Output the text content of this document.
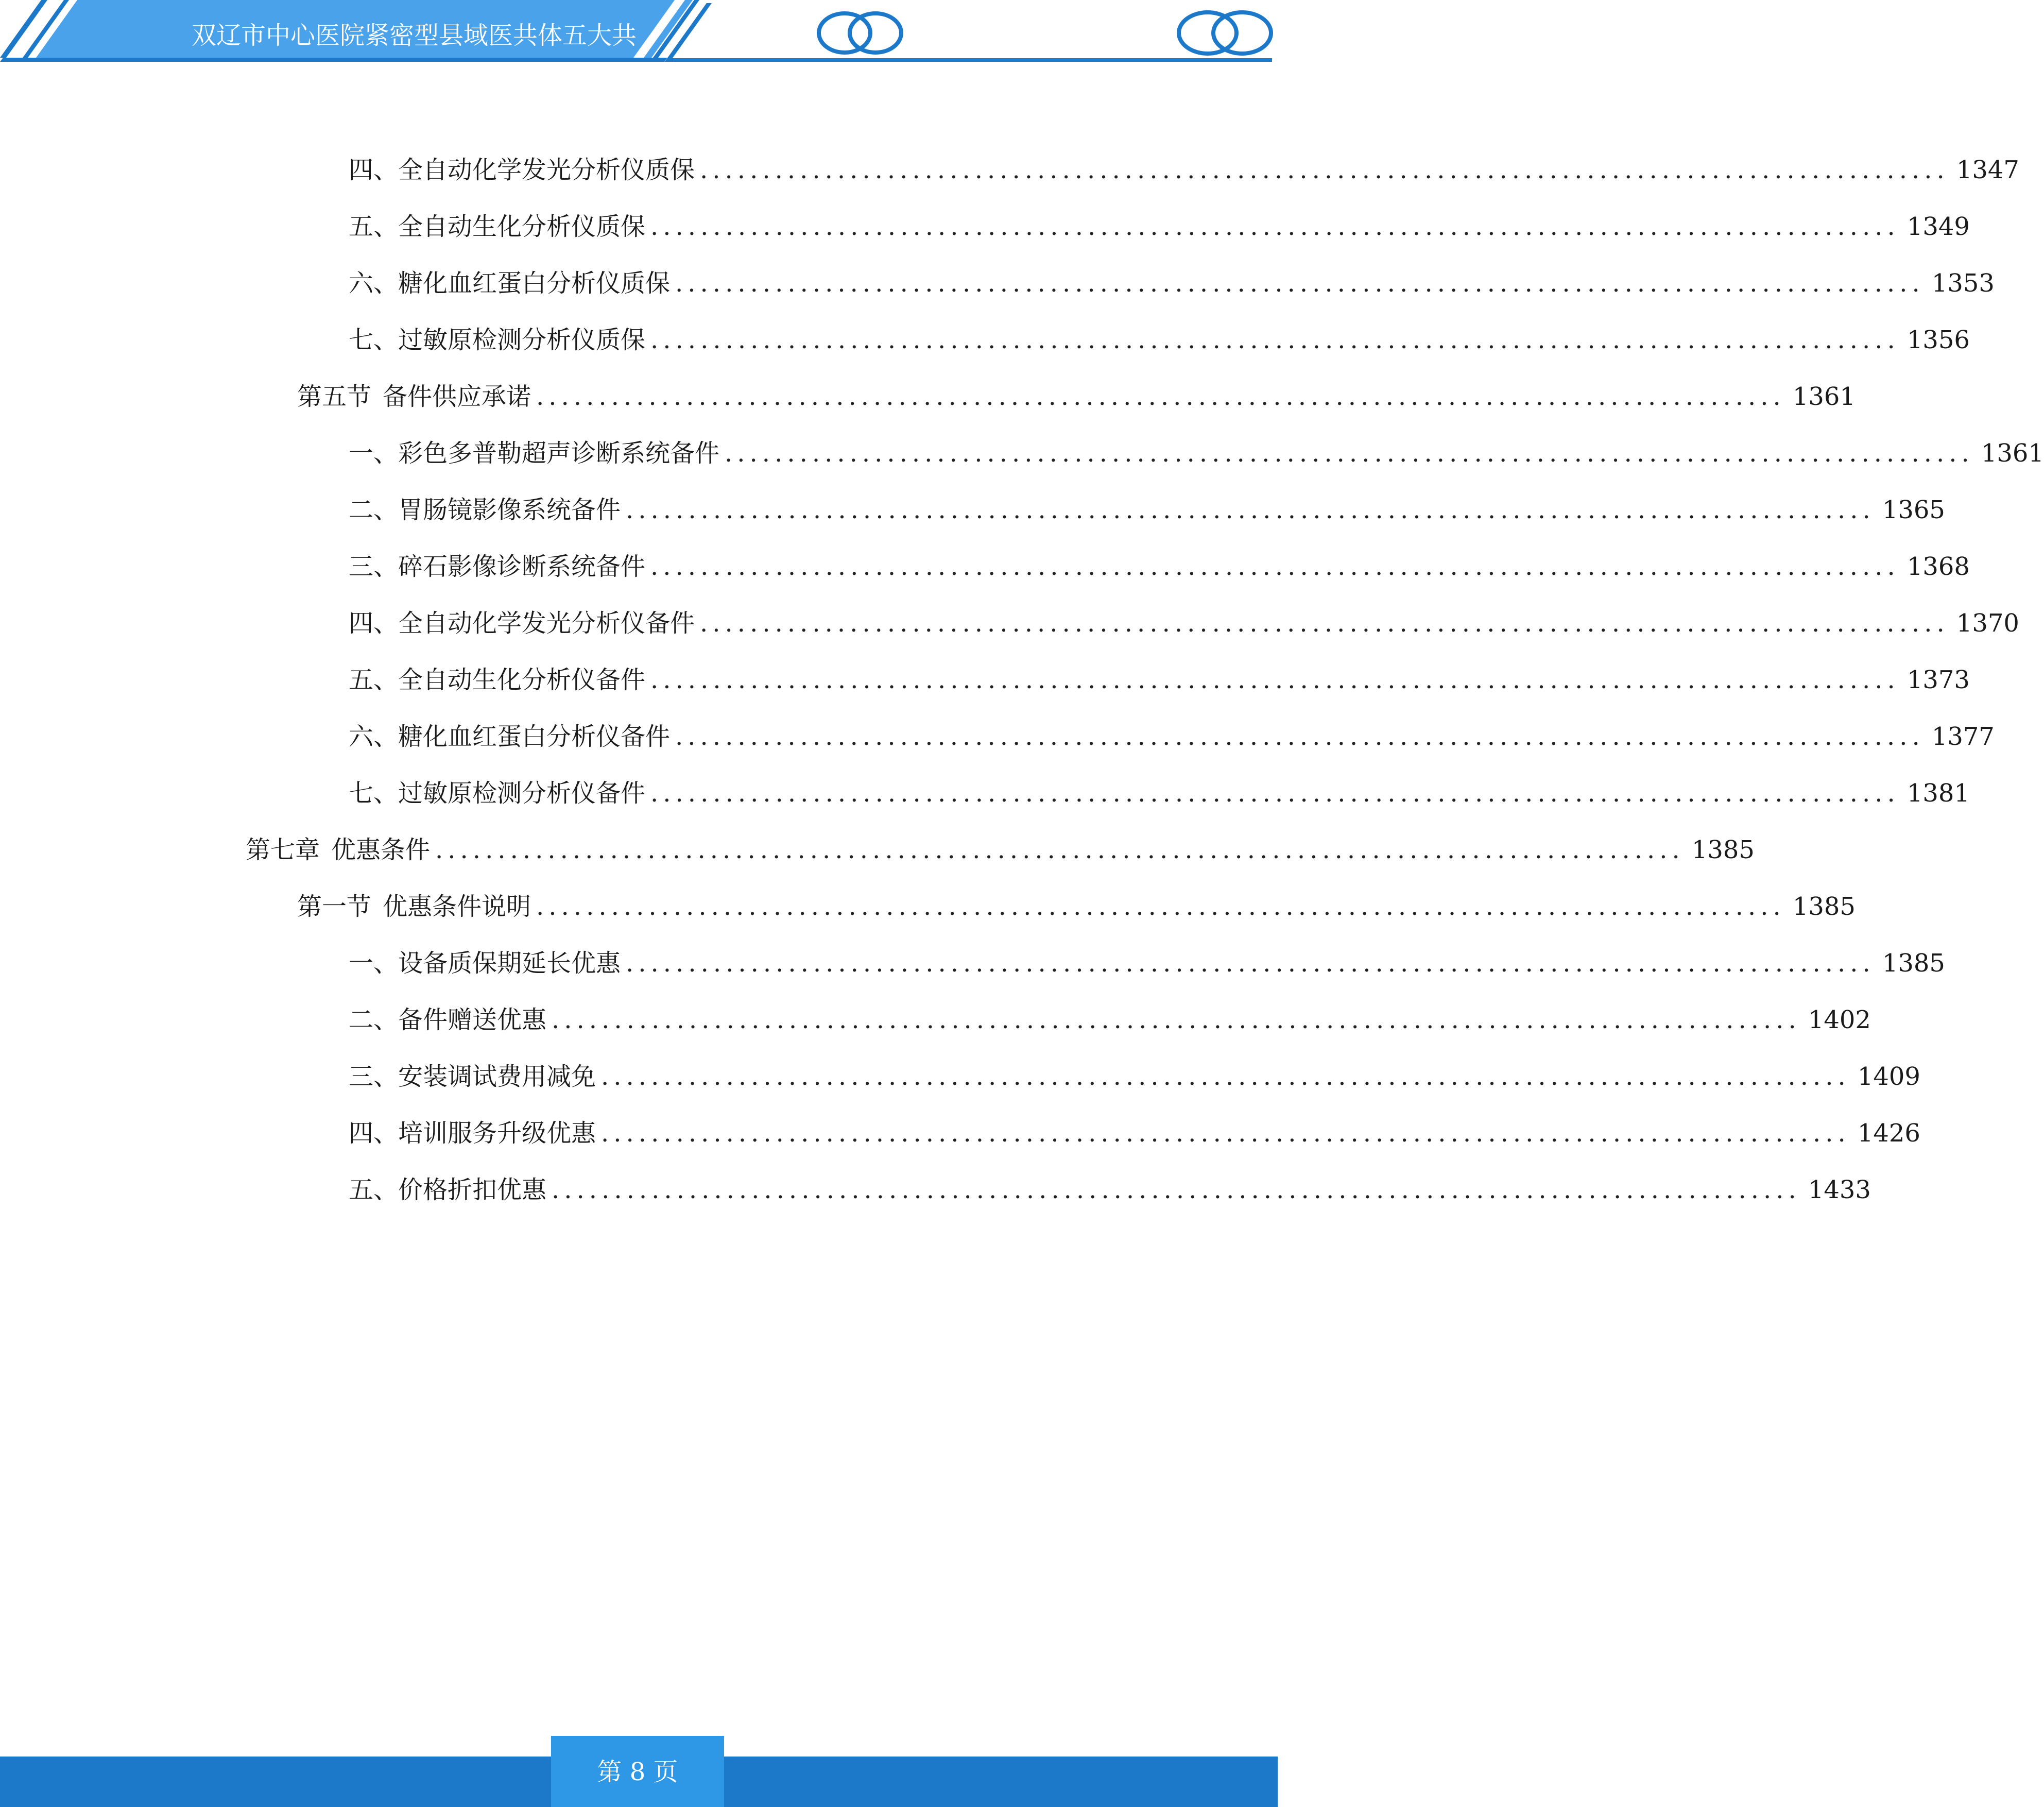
双辽市中心医院紧密型县域医共体五大共
四、 全自动化学发光分析仪质保 .................................................................................................... 1347
五、 全自动生化分析仪质保 .................................................................................................... 1349
六、 糖化血红蛋白分析仪质保 .................................................................................................... 1353
七、 过敏原检测分析仪质保 .................................................................................................... 1356
第五节 备件供应承诺 .................................................................................................... 1361
一、 彩色多普勒超声诊断系统备件 .................................................................................................... 1361
二、 胃肠镜影像系统备件 .................................................................................................... 1365
三、 碎石影像诊断系统备件 .................................................................................................... 1368
四、 全自动化学发光分析仪备件 .................................................................................................... 1370
五、 全自动生化分析仪备件 .................................................................................................... 1373
六、 糖化血红蛋白分析仪备件 .................................................................................................... 1377
七、 过敏原检测分析仪备件 .................................................................................................... 1381
第七章 优惠条件 .................................................................................................... 1385
第一节 优惠条件说明 .................................................................................................... 1385
一、 设备质保期延长优惠 .................................................................................................... 1385
二、 备件赠送优惠 .................................................................................................... 1402
三、 安装调试费用减免 .................................................................................................... 1409
四、 培训服务升级优惠 .................................................................................................... 1426
五、 价格折扣优惠 .................................................................................................... 1433
第 8 页
